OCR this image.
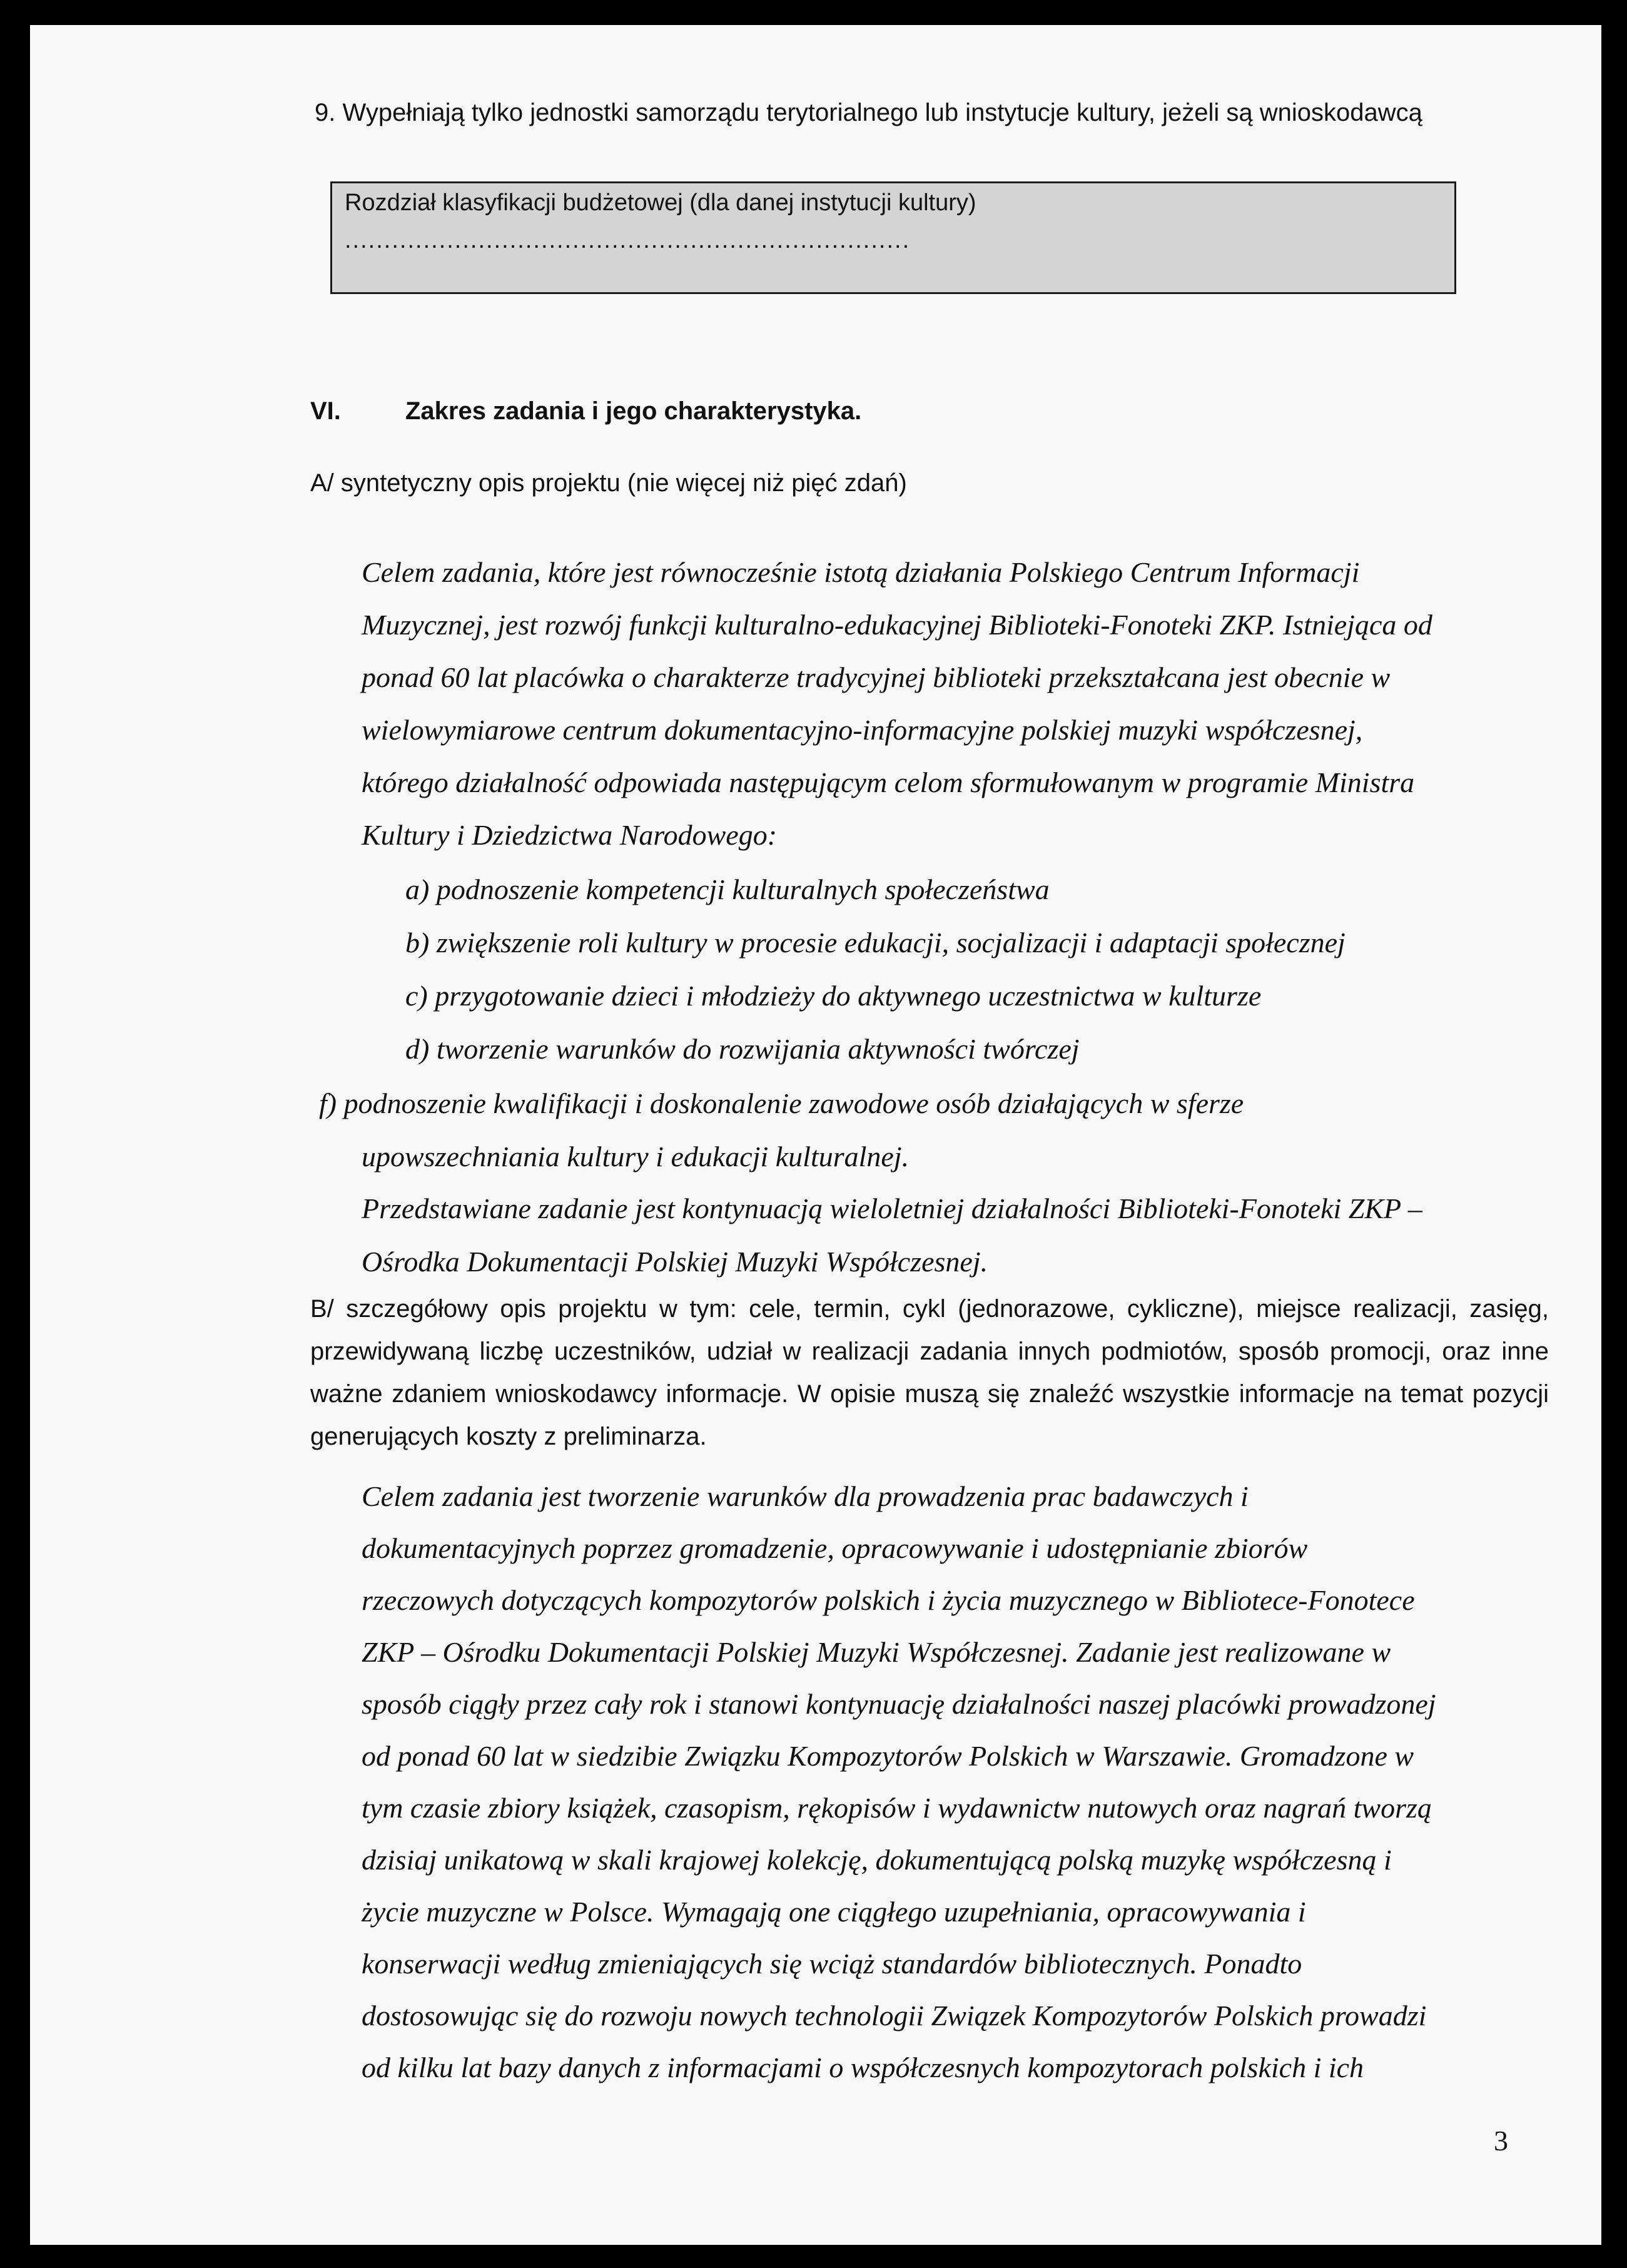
9. Wypełniają tylko jednostki samorządu terytorialnego lub instytucje kultury, jeżeli są wnioskodawcą
Rozdział klasyfikacji budżetowej (dla danej instytucji kultury)
........................................................................
VI.	Zakres zadania i jego charakterystyka.
A/ syntetyczny opis projektu (nie więcej niż pięć zdań)
Celem zadania, które jest równocześnie istotą działania Polskiego Centrum Informacji
Muzycznej, jest rozwój funkcji kulturalno-edukacyjnej Biblioteki-Fonoteki ZKP. Istniejąca od
ponad 60 lat placówka o charakterze tradycyjnej biblioteki przekształcana jest obecnie w
wielowymiarowe centrum dokumentacyjno-informacyjne polskiej muzyki współczesnej,
którego działalność odpowiada następującym celom sformułowanym w programie Ministra
Kultury i Dziedzictwa Narodowego:
a) podnoszenie kompetencji kulturalnych społeczeństwa
b) zwiększenie roli kultury w procesie edukacji, socjalizacji i adaptacji społecznej
c) przygotowanie dzieci i młodzieży do aktywnego uczestnictwa w kulturze
d) tworzenie warunków do rozwijania aktywności twórczej
f) podnoszenie kwalifikacji i doskonalenie zawodowe osób działających w sferze
upowszechniania kultury i edukacji kulturalnej.
Przedstawiane zadanie jest kontynuacją wieloletniej działalności Biblioteki-Fonoteki ZKP –
Ośrodka Dokumentacji Polskiej Muzyki Współczesnej.
B/ szczegółowy opis projektu w tym: cele, termin, cykl (jednorazowe, cykliczne), miejsce realizacji, zasięg, przewidywaną liczbę uczestników, udział w realizacji zadania innych podmiotów, sposób promocji, oraz inne ważne zdaniem wnioskodawcy informacje. W opisie muszą się znaleźć wszystkie informacje na temat pozycji generujących koszty z preliminarza.
Celem zadania jest tworzenie warunków dla prowadzenia prac badawczych i
dokumentacyjnych poprzez gromadzenie, opracowywanie i udostępnianie zbiorów
rzeczowych dotyczących kompozytorów polskich i życia muzycznego w Bibliotece-Fonotece
ZKP – Ośrodku Dokumentacji Polskiej Muzyki Współczesnej. Zadanie jest realizowane w
sposób ciągły przez cały rok i stanowi kontynuację działalności naszej placówki prowadzonej
od ponad 60 lat w siedzibie Związku Kompozytorów Polskich w Warszawie. Gromadzone w
tym czasie zbiory książek, czasopism, rękopisów i wydawnictw nutowych oraz nagrań tworzą
dzisiaj unikatową w skali krajowej kolekcję, dokumentującą polską muzykę współczesną i
życie muzyczne w Polsce. Wymagają one ciągłego uzupełniania, opracowywania i
konserwacji według zmieniających się wciąż standardów bibliotecznych. Ponadto
dostosowując się do rozwoju nowych technologii Związek Kompozytorów Polskich prowadzi
od kilku lat bazy danych z informacjami o współczesnych kompozytorach polskich i ich
3
